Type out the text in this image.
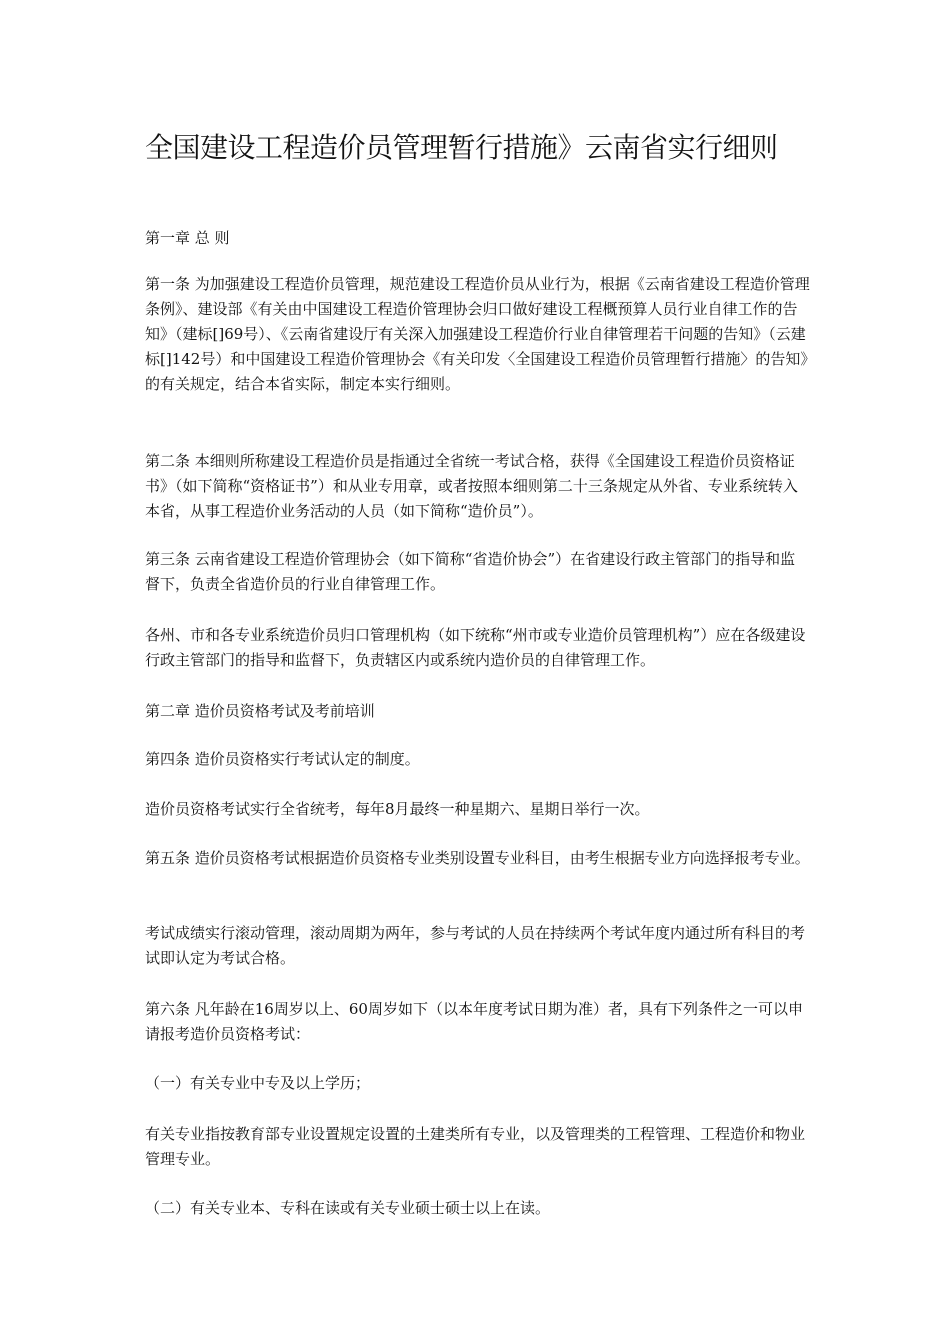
全国建设工程造价员管理暂行措施》云南省实行细则

第一章 总 则

第一条 为加强建设工程造价员管理，规范建设工程造价员从业行为，根据《云南省建设工程造价管理条例》、建设部《有关由中国建设工程造价管理协会归口做好建设工程概预算人员行业自律工作的告知》（建标[]69号）、《云南省建设厅有关深入加强建设工程造价行业自律管理若干问题的告知》（云建标[]142号）和中国建设工程造价管理协会《有关印发〈全国建设工程造价员管理暂行措施〉的告知》的有关规定，结合本省实际，制定本实行细则。

第二条 本细则所称建设工程造价员是指通过全省统一考试合格，获得《全国建设工程造价员资格证书》（如下简称“资格证书”）和从业专用章，或者按照本细则第二十三条规定从外省、专业系统转入本省，从事工程造价业务活动的人员（如下简称“造价员”）。

第三条 云南省建设工程造价管理协会（如下简称“省造价协会”）在省建设行政主管部门的指导和监督下，负责全省造价员的行业自律管理工作。

各州、市和各专业系统造价员归口管理机构（如下统称“州市或专业造价员管理机构”）应在各级建设行政主管部门的指导和监督下，负责辖区内或系统内造价员的自律管理工作。

第二章 造价员资格考试及考前培训

第四条 造价员资格实行考试认定的制度。

造价员资格考试实行全省统考，每年8月最终一种星期六、星期日举行一次。

第五条 造价员资格考试根据造价员资格专业类别设置专业科目，由考生根据专业方向选择报考专业。

考试成绩实行滚动管理，滚动周期为两年，参与考试的人员在持续两个考试年度内通过所有科目的考试即认定为考试合格。

第六条 凡年龄在16周岁以上、60周岁如下（以本年度考试日期为准）者，具有下列条件之一可以申请报考造价员资格考试：

（一）有关专业中专及以上学历；

有关专业指按教育部专业设置规定设置的土建类所有专业，以及管理类的工程管理、工程造价和物业管理专业。

（二）有关专业本、专科在读或有关专业硕士硕士以上在读。
